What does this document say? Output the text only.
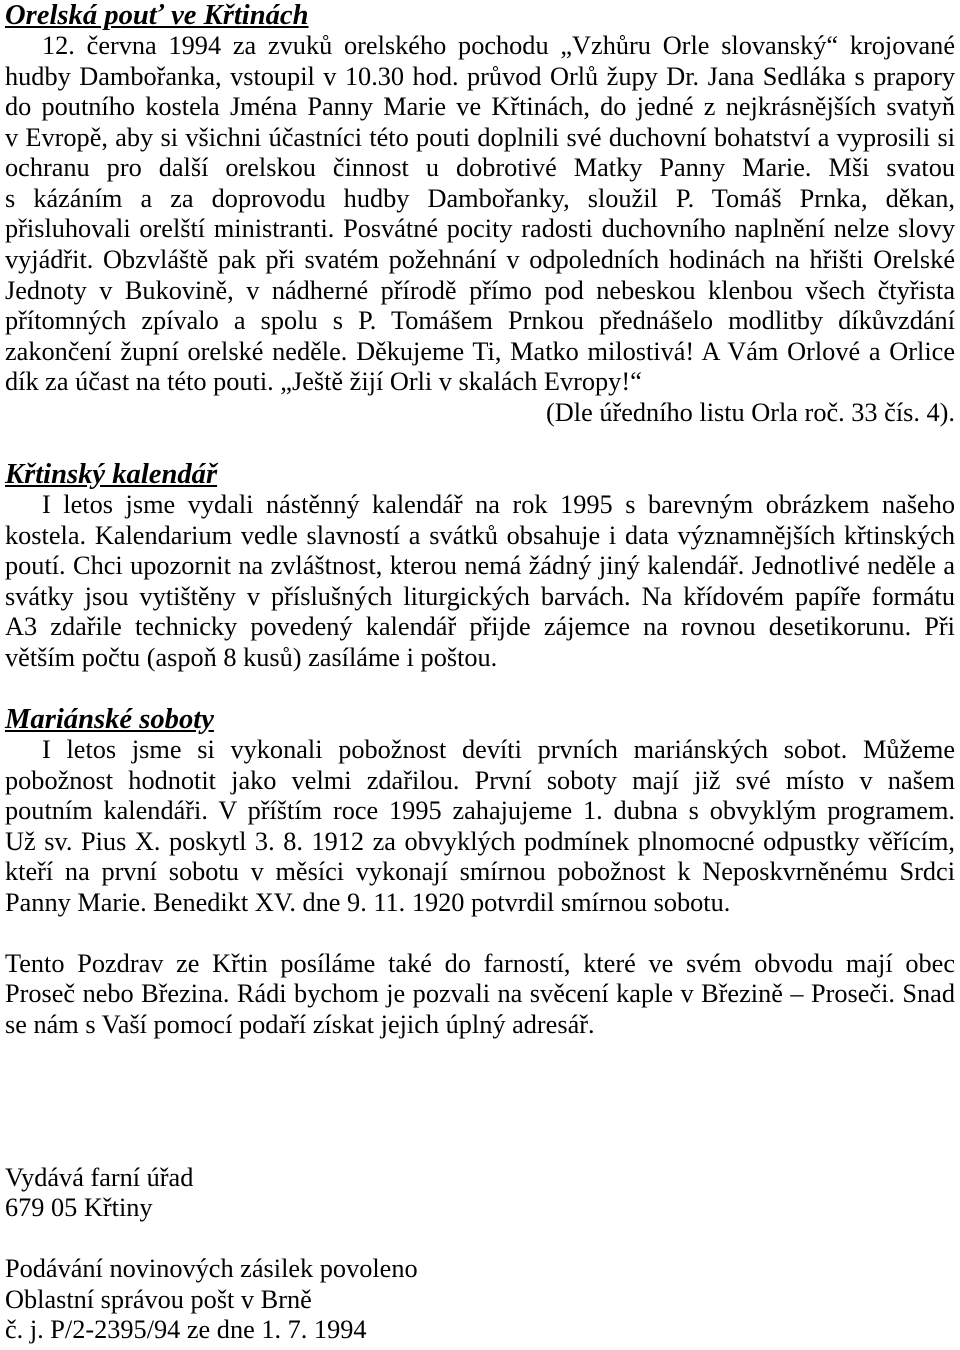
Orelská pouť ve Křtinách
12. června 1994 za zvuků orelského pochodu „Vzhůru Orle slovanský“ krojované
hudby Dambořanka, vstoupil v 10.30 hod. průvod Orlů župy Dr. Jana Sedláka s prapory
do poutního kostela Jména Panny Marie ve Křtinách, do jedné z nejkrásnějších svatyň
v Evropě, aby si všichni účastníci této pouti doplnili své duchovní bohatství a vyprosili si
ochranu pro další orelskou činnost u dobrotivé Matky Panny Marie. Mši svatou
s kázáním a za doprovodu hudby Dambořanky, sloužil P. Tomáš Prnka, děkan,
přisluhovali orelští ministranti. Posvátné pocity radosti duchovního naplnění nelze slovy
vyjádřit. Obzvláště pak při svatém požehnání v odpoledních hodinách na hřišti Orelské
Jednoty v Bukovině, v nádherné přírodě přímo pod nebeskou klenbou všech čtyřista
přítomných zpívalo a spolu s P. Tomášem Prnkou přednášelo modlitby díkůvzdání
zakončení župní orelské neděle. Děkujeme Ti, Matko milostivá! A Vám Orlové a Orlice
dík za účast na této pouti. „Ještě žijí Orli v skalách Evropy!“
(Dle úředního listu Orla roč. 33 čís. 4).
Křtinský kalendář
I letos jsme vydali nástěnný kalendář na rok 1995 s barevným obrázkem našeho
kostela. Kalendarium vedle slavností a svátků obsahuje i data významnějších křtinských
poutí. Chci upozornit na zvláštnost, kterou nemá žádný jiný kalendář. Jednotlivé neděle a
svátky jsou vytištěny v příslušných liturgických barvách. Na křídovém papíře formátu
A3 zdařile technicky povedený kalendář přijde zájemce na rovnou desetikorunu. Při
větším počtu (aspoň 8 kusů) zasíláme i poštou.
Mariánské soboty
I letos jsme si vykonali pobožnost devíti prvních mariánských sobot. Můžeme
pobožnost hodnotit jako velmi zdařilou. První soboty mají již své místo v našem
poutním kalendáři. V příštím roce 1995 zahajujeme 1. dubna s obvyklým programem.
Už sv. Pius X. poskytl 3. 8. 1912 za obvyklých podmínek plnomocné odpustky věřícím,
kteří na první sobotu v měsíci vykonají smírnou pobožnost k Neposkvrněnému Srdci
Panny Marie. Benedikt XV. dne 9. 11. 1920 potvrdil smírnou sobotu.
Tento Pozdrav ze Křtin posíláme také do farností, které ve svém obvodu mají obec
Proseč nebo Březina. Rádi bychom je pozvali na svěcení kaple v Březině – Proseči. Snad
se nám s Vaší pomocí podaří získat jejich úplný adresář.
Vydává farní úřad
679 05 Křtiny
Podávání novinových zásilek povoleno
Oblastní správou pošt v Brně
č. j. P/2-2395/94 ze dne 1. 7. 1994
